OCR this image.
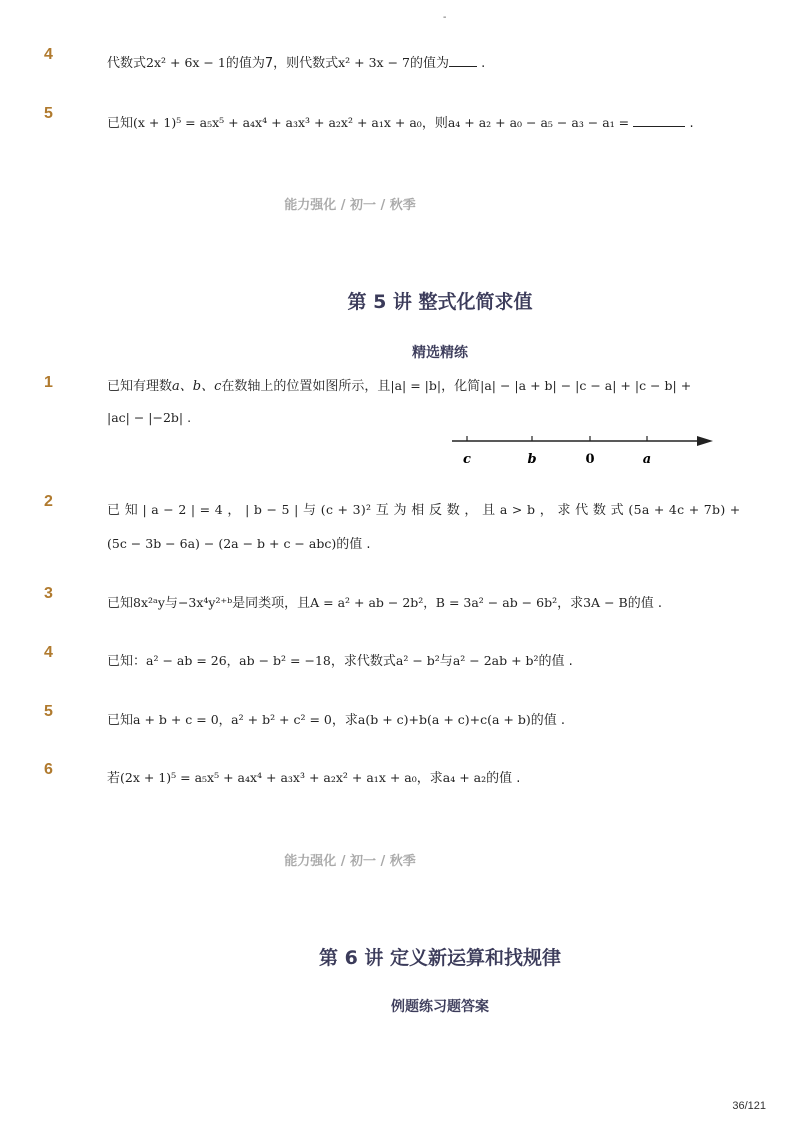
-
4
代数式2x² + 6x − 1的值为7，则代数式x² + 3x − 7的值为 .
5
已知(x + 1)⁵ = a₅x⁵ + a₄x⁴ + a₃x³ + a₂x² + a₁x + a₀，则a₄ + a₂ + a₀ − a₅ − a₃ − a₁ =	.
能力强化 / 初一 / 秋季
第 5 讲 整式化简求值
精选精练
1	已知有理数a、b、c在数轴上的位置如图所示，且|a| = |b|，化简|a| − |a + b| − |c − a| + |c − b| +
|ac| − |−2b| .
c	b	0	a
2
已 知 | a − 2 | = 4 ， | b − 5 | 与 (c + 3)² 互 为 相 反 数 ， 且 a > b ， 求 代 数 式 (5a + 4c + 7b) +
(5c − 3b − 6a) − (2a − b + c − abc)的值 .
3
已知8x²ᵃy与−3x⁴y²⁺ᵇ是同类项，且A = a² + ab − 2b²，B = 3a² − ab − 6b²，求3A − B的值 .
4
已知：a² − ab = 26，ab − b² = −18，求代数式a² − b²与a² − 2ab + b²的值 .
5
已知a + b + c = 0，a² + b² + c² = 0，求a(b + c)+b(a + c)+c(a + b)的值 .
6
若(2x + 1)⁵ = a₅x⁵ + a₄x⁴ + a₃x³ + a₂x² + a₁x + a₀，求a₄ + a₂的值 .
能力强化 / 初一 / 秋季
第 6 讲 定义新运算和找规律
例题练习题答案
36/121
